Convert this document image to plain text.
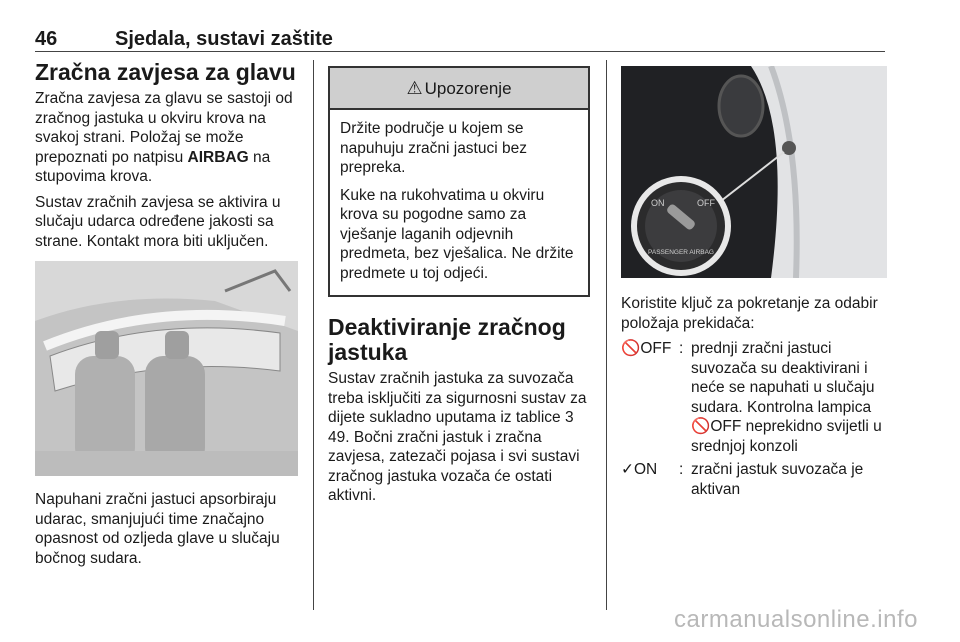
46	Sjedala, sustavi zaštite
Zračna zavjesa za glavu
Zračna zavjesa za glavu se sastoji od zračnog jastuka u okviru krova na svakoj strani. Položaj se može prepoznati po natpisu AIRBAG na stupovima krova.
Sustav zračnih zavjesa se aktivira u slučaju udarca određene jakosti sa strane. Kontakt mora biti uključen.
Napuhani zračni jastuci apsorbiraju udarac, smanjujući time značajno opasnost od ozljeda glave u slučaju bočnog sudara.
⚠ Upozorenje
Držite područje u kojem se napuhuju zračni jastuci bez prepreka.
Kuke na rukohvatima u okviru krova su pogodne samo za vješanje laganih odjevnih predmeta, bez vješalica. Ne držite predmete u toj odjeći.
Deaktiviranje zračnog jastuka
Sustav zračnih jastuka za suvozača treba isključiti za sigurnosni sustav za dijete sukladno uputama iz tablice 3 49. Bočni zračni jastuk i zračna zavjesa, zatezači pojasa i svi sustavi zračnog jastuka vozača će ostati aktivni.
ON	OFF
PASSENGER AIRBAG
Koristite ključ za pokretanje za odabir položaja prekidača:
🚫OFF : prednji zračni jastuci suvozača su deaktivirani i neće se napuhati u slučaju sudara. Kontrolna lampica 🚫OFF neprekidno svijetli u srednjoj konzoli
✓ON	: zračni jastuk suvozača je aktivan
carmanualsonline.info
